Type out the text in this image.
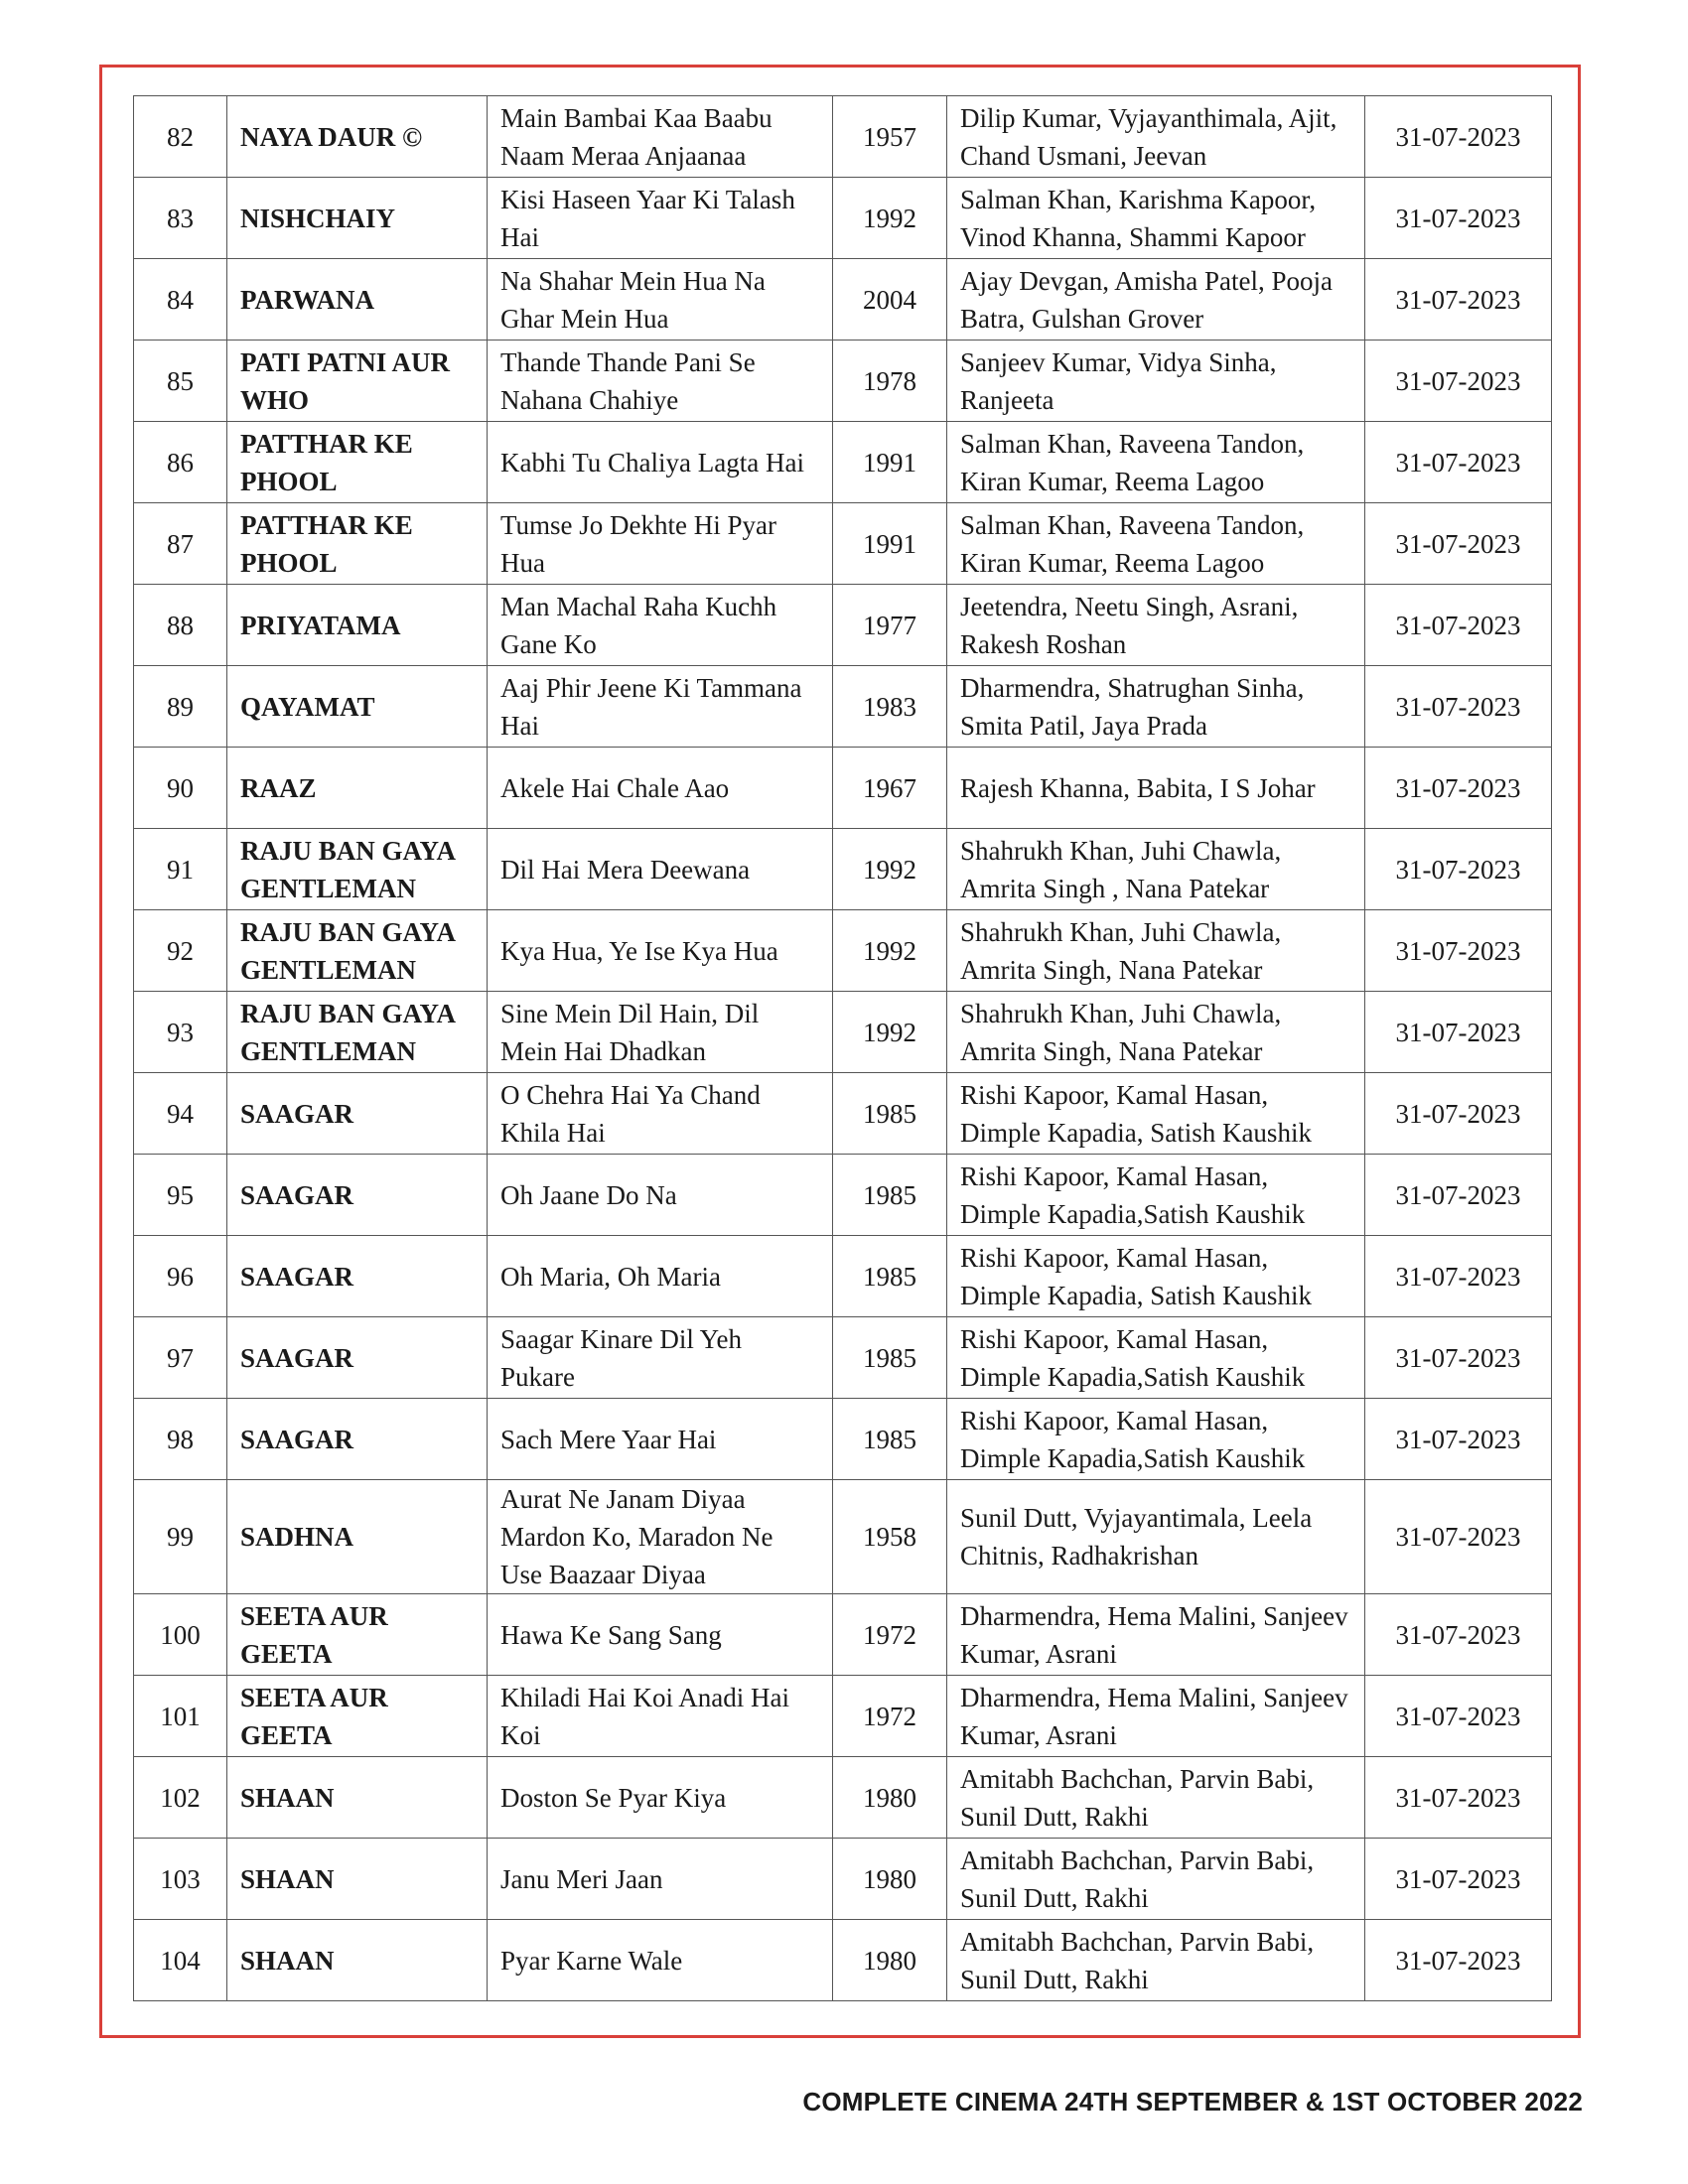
82	NAYA DAUR ©	Main Bambai Kaa Baabu Naam Meraa Anjaanaa	1957	Dilip Kumar, Vyjayanthimala, Ajit, Chand Usmani, Jeevan	31-07-2023
83	NISHCHAIY	Kisi Haseen Yaar Ki Talash Hai	1992	Salman Khan, Karishma Kapoor, Vinod Khanna, Shammi Kapoor	31-07-2023
84	PARWANA	Na Shahar Mein Hua Na Ghar Mein Hua	2004	Ajay Devgan, Amisha Patel, Pooja Batra, Gulshan Grover	31-07-2023
85	PATI PATNI AUR WHO	Thande Thande Pani Se Nahana Chahiye	1978	Sanjeev Kumar, Vidya Sinha, Ranjeeta	31-07-2023
86	PATTHAR KE PHOOL	Kabhi Tu Chaliya Lagta Hai	1991	Salman Khan, Raveena Tandon, Kiran Kumar, Reema Lagoo	31-07-2023
87	PATTHAR KE PHOOL	Tumse Jo Dekhte Hi Pyar Hua	1991	Salman Khan, Raveena Tandon, Kiran Kumar, Reema Lagoo	31-07-2023
88	PRIYATAMA	Man Machal Raha Kuchh Gane Ko	1977	Jeetendra, Neetu Singh, Asrani, Rakesh Roshan	31-07-2023
89	QAYAMAT	Aaj Phir Jeene Ki Tammana Hai	1983	Dharmendra, Shatrughan Sinha, Smita Patil, Jaya Prada	31-07-2023
90	RAAZ	Akele Hai Chale Aao	1967	Rajesh Khanna, Babita, I S Johar	31-07-2023
91	RAJU BAN GAYA GENTLEMAN	Dil Hai Mera Deewana	1992	Shahrukh Khan, Juhi Chawla, Amrita Singh , Nana Patekar	31-07-2023
92	RAJU BAN GAYA GENTLEMAN	Kya Hua, Ye Ise Kya Hua	1992	Shahrukh Khan, Juhi Chawla, Amrita Singh, Nana Patekar	31-07-2023
93	RAJU BAN GAYA GENTLEMAN	Sine Mein Dil Hain, Dil Mein Hai Dhadkan	1992	Shahrukh Khan, Juhi Chawla, Amrita Singh, Nana Patekar	31-07-2023
94	SAAGAR	O Chehra Hai Ya Chand Khila Hai	1985	Rishi Kapoor, Kamal Hasan, Dimple Kapadia, Satish Kaushik	31-07-2023
95	SAAGAR	Oh Jaane Do Na	1985	Rishi Kapoor, Kamal Hasan, Dimple Kapadia,Satish Kaushik	31-07-2023
96	SAAGAR	Oh Maria, Oh Maria	1985	Rishi Kapoor, Kamal Hasan, Dimple Kapadia, Satish Kaushik	31-07-2023
97	SAAGAR	Saagar Kinare Dil Yeh Pukare	1985	Rishi Kapoor, Kamal Hasan, Dimple Kapadia,Satish Kaushik	31-07-2023
98	SAAGAR	Sach Mere Yaar Hai	1985	Rishi Kapoor, Kamal Hasan, Dimple Kapadia,Satish Kaushik	31-07-2023
99	SADHNA	Aurat Ne Janam Diyaa Mardon Ko, Maradon Ne Use Baazaar Diyaa	1958	Sunil Dutt, Vyjayantimala, Leela Chitnis, Radhakrishan	31-07-2023
100	SEETA AUR GEETA	Hawa Ke Sang Sang	1972	Dharmendra, Hema Malini, Sanjeev Kumar, Asrani	31-07-2023
101	SEETA AUR GEETA	Khiladi Hai Koi Anadi Hai Koi	1972	Dharmendra, Hema Malini, Sanjeev Kumar, Asrani	31-07-2023
102	SHAAN	Doston Se Pyar Kiya	1980	Amitabh Bachchan, Parvin Babi, Sunil Dutt, Rakhi	31-07-2023
103	SHAAN	Janu Meri Jaan	1980	Amitabh Bachchan, Parvin Babi, Sunil Dutt, Rakhi	31-07-2023
104	SHAAN	Pyar Karne Wale	1980	Amitabh Bachchan, Parvin Babi, Sunil Dutt, Rakhi	31-07-2023
COMPLETE CINEMA 24TH SEPTEMBER & 1ST OCTOBER 2022
